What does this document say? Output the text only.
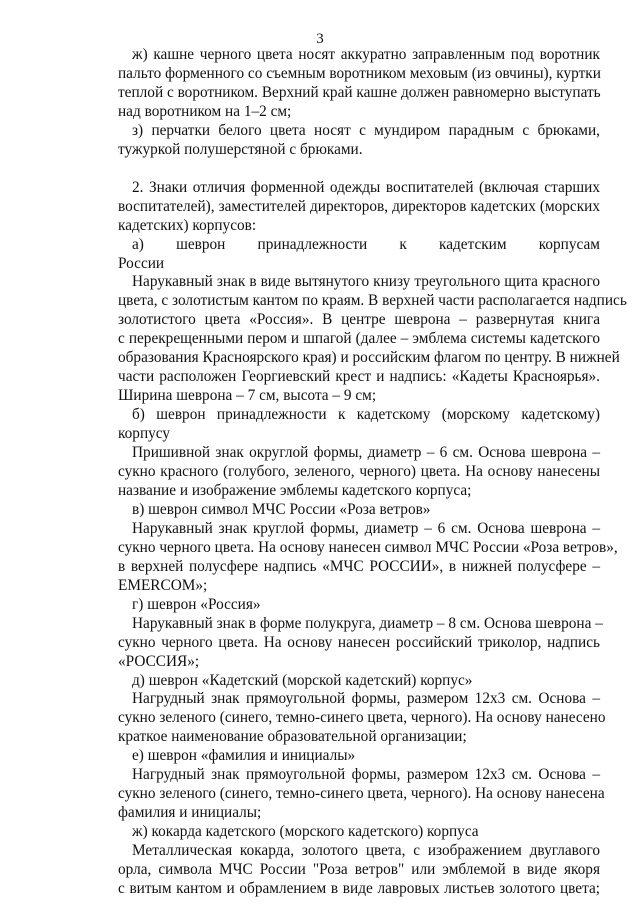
3
ж) кашне черного цвета носят аккуратно заправленным под воротник
пальто форменного со съемным воротником меховым (из овчины), куртки
теплой с воротником. Верхний край кашне должен равномерно выступать
над воротником на 1–2 см;
з) перчатки белого цвета носят с мундиром парадным с брюками,
тужуркой полушерстяной с брюками.
2. Знаки отличия форменной одежды воспитателей (включая старших
воспитателей), заместителей директоров, директоров кадетских (морских
кадетских) корпусов:
а) шеврон принадлежности к кадетским корпусам
России
Нарукавный знак в виде вытянутого книзу треугольного щита красного
цвета, с золотистым кантом по краям. В верхней части располагается надпись
золотистого цвета «Россия». В центре шеврона – развернутая книга
с перекрещенными пером и шпагой (далее – эмблема системы кадетского
образования Красноярского края) и российским флагом по центру. В нижней
части расположен Георгиевский крест и надпись: «Кадеты Красноярья».
Ширина шеврона – 7 см, высота – 9 см;
б) шеврон принадлежности к кадетскому (морскому кадетскому)
корпусу
Пришивной знак округлой формы, диаметр – 6 см. Основа шеврона –
сукно красного (голубого, зеленого, черного) цвета. На основу нанесены
название и изображение эмблемы кадетского корпуса;
в) шеврон символ МЧС России «Роза ветров»
Нарукавный знак круглой формы, диаметр – 6 см. Основа шеврона –
сукно черного цвета. На основу нанесен символ МЧС России «Роза ветров»,
в верхней полусфере надпись «МЧС РОССИИ», в нижней полусфере –
EMERCOM»;
г) шеврон «Россия»
Нарукавный знак в форме полукруга, диаметр – 8 см. Основа шеврона –
сукно черного цвета. На основу нанесен российский триколор, надпись
«РОССИЯ»;
д) шеврон «Кадетский (морской кадетский) корпус»
Нагрудный знак прямоугольной формы, размером 12х3 см. Основа –
сукно зеленого (синего, темно-синего цвета, черного). На основу нанесено
краткое наименование образовательной организации;
е) шеврон «фамилия и инициалы»
Нагрудный знак прямоугольной формы, размером 12х3 см. Основа –
сукно зеленого (синего, темно-синего цвета, черного). На основу нанесена
фамилия и инициалы;
ж) кокарда кадетского (морского кадетского) корпуса
Металлическая кокарда, золотого цвета, с изображением двуглавого
орла, символа МЧС России "Роза ветров" или эмблемой в виде якоря
с витым кантом и обрамлением в виде лавровых листьев золотого цвета;
